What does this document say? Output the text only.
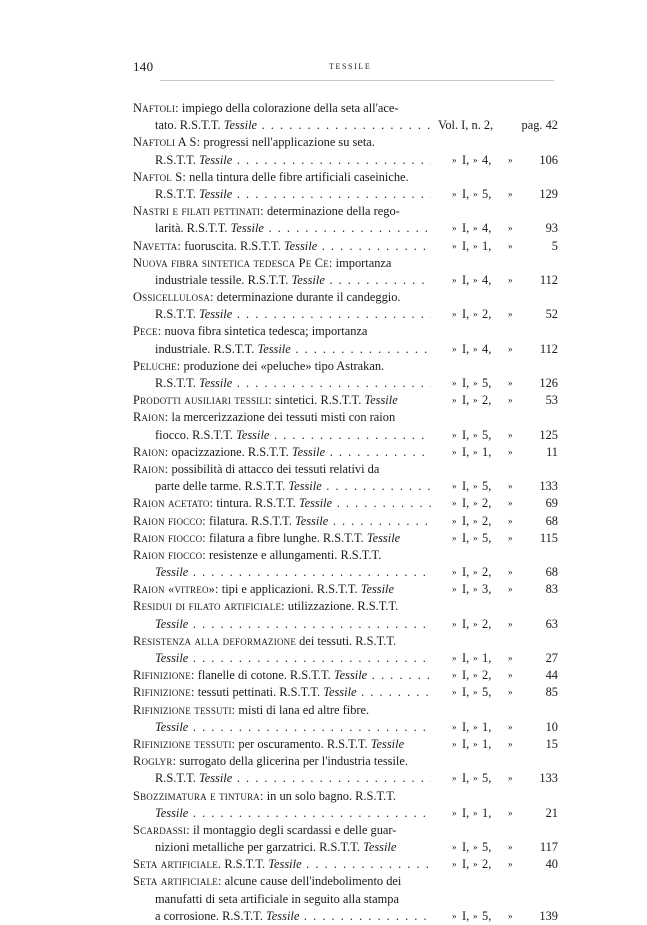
140	TESSILE
Naftoli: impiego della colorazione della seta all'ace-
tato. R.S.T.T. Tessile . . .	Vol. I, n. 2, pag. 42
Naftoli A S: progressi nell'applicazione su seta.
R.S.T.T. Tessile . . .	» I, » 4, » 106
Naftol S: nella tintura delle fibre artificiali caseiniche.
R.S.T.T. Tessile . . .	» I, » 5, » 129
Nastri e filati pettinati: determinazione della rego-
larità. R.S.T.T. Tessile . . .	» I, » 4, »	93
Navetta: fuoruscita. R.S.T.T. Tessile . . .	» I, » 1, »	5
Nuova fibra sintetica tedesca Pe Ce: importanza
industriale tessile. R.S.T.T. Tessile . . .	» I, » 4, » 112
Ossicellulosa: determinazione durante il candeggio.
R.S.T.T. Tessile . . .	» I, » 2, »	52
Pece: nuova fibra sintetica tedesca; importanza
industriale. R.S.T.T. Tessile . . .	» I, » 4, » 112
Peluche: produzione dei «peluche» tipo Astrakan.
R.S.T.T. Tessile . . .	» I, » 5, » 126
Prodotti ausiliari tessili: sintetici. R.S.T.T. Tessile	» I, » 2, »	53
Raion: la mercerizzazione dei tessuti misti con raion
fiocco. R.S.T.T. Tessile . . .	» I, » 5, » 125
Raion: opacizzazione. R.S.T.T. Tessile . . .	» I, » 1, »	11
Raion: possibilità di attacco dei tessuti relativi da
parte delle tarme. R.S.T.T. Tessile . . .	» I, » 5, » 133
Raion acetato: tintura. R.S.T.T. Tessile . . .	» I, » 2, »	69
Raion fiocco: filatura. R.S.T.T. Tessile . . .	» I, » 2, »	68
Raion fiocco: filatura a fibre lunghe. R.S.T.T. Tessile	» I, » 5, » 115
Raion fiocco: resistenze e allungamenti. R.S.T.T.
Tessile . . .	» I, » 2, »	68
Raion «vitreo»: tipi e applicazioni. R.S.T.T. Tessile	» I, » 3, »	83
Residui di filato artificiale: utilizzazione. R.S.T.T.
Tessile . . .	» I, » 2, »	63
Resistenza alla deformazione dei tessuti. R.S.T.T.
Tessile . . .	» I, » 1, »	27
Rifinizione: flanelle di cotone. R.S.T.T. Tessile . . .	» I, » 2, »	44
Rifinizione: tessuti pettinati. R.S.T.T. Tessile . . .	» I, » 5, »	85
Rifinizione tessuti: misti di lana ed altre fibre.
Tessile . . .	» I, » 1, »	10
Rifinizione tessuti: per oscuramento. R.S.T.T. Tessile	» I, » 1, »	15
Roglyr: surrogato della glicerina per l'industria tessile.
R.S.T.T. Tessile . . .	» I, » 5, » 133
Sbozzimatura e tintura: in un solo bagno. R.S.T.T.
Tessile . . .	» I, » 1, »	21
Scardassi: il montaggio degli scardassi e delle guar-
nizioni metalliche per garzatrici. R.S.T.T. Tessile	» I, » 5, » 117
Seta artificiale. R.S.T.T. Tessile . . .	» I, » 2, »	40
Seta artificiale: alcune cause dell'indebolimento dei
manufatti di seta artificiale in seguito alla stampa
a corrosione. R.S.T.T. Tessile . . .	» I, » 5, » 139
